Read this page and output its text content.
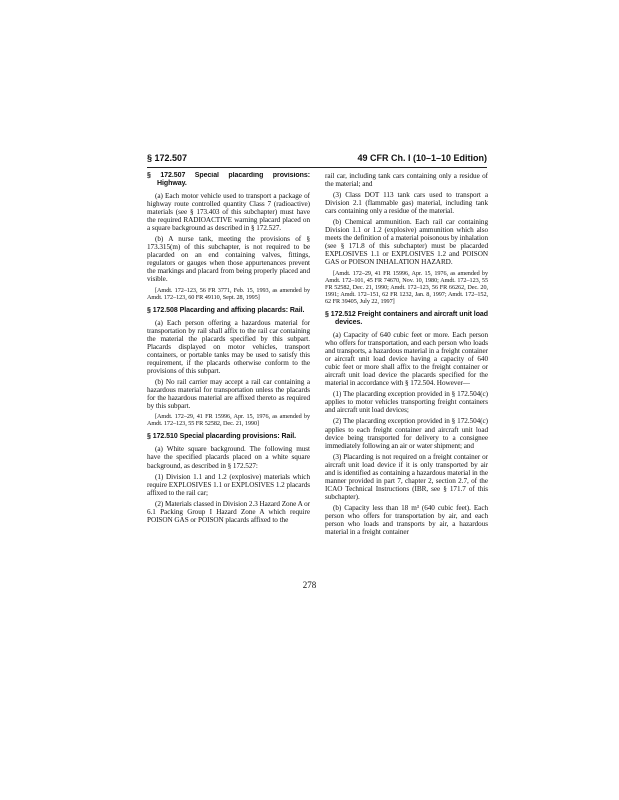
§ 172.507	49 CFR Ch. I (10–1–10 Edition)

§ 172.507 Special placarding provisions: Highway.

(a) Each motor vehicle used to transport a package of highway route controlled quantity Class 7 (radioactive) materials (see § 173.403 of this subchapter) must have the required RADIOACTIVE warning placard placed on a square background as described in § 172.527.

(b) A nurse tank, meeting the provisions of § 173.315(m) of this subchapter, is not required to be placarded on an end containing valves, fittings, regulators or gauges when those appurtenances prevent the markings and placard from being properly placed and visible.

[Amdt. 172–123, 56 FR 3771, Feb. 15, 1993, as amended by Amdt. 172–123, 60 FR 49110, Sept. 28, 1995]

§ 172.508 Placarding and affixing placards: Rail.

(a) Each person offering a hazardous material for transportation by rail shall affix to the rail car containing the material the placards specified by this subpart. Placards displayed on motor vehicles, transport containers, or portable tanks may be used to satisfy this requirement, if the placards otherwise conform to the provisions of this subpart.

(b) No rail carrier may accept a rail car containing a hazardous material for transportation unless the placards for the hazardous material are affixed thereto as required by this subpart.

[Amdt. 172–29, 41 FR 15996, Apr. 15, 1976, as amended by Amdt. 172–123, 55 FR 52582, Dec. 21, 1990]

§ 172.510 Special placarding provisions: Rail.

(a) White square background. The following must have the specified placards placed on a white square background, as described in § 172.527:

(1) Division 1.1 and 1.2 (explosive) materials which require EXPLOSIVES 1.1 or EXPLOSIVES 1.2 placards affixed to the rail car;

(2) Materials classed in Division 2.3 Hazard Zone A or 6.1 Packing Group I Hazard Zone A which require POISON GAS or POISON placards affixed to the

rail car, including tank cars containing only a residue of the material; and

(3) Class DOT 113 tank cars used to transport a Division 2.1 (flammable gas) material, including tank cars containing only a residue of the material.

(b) Chemical ammunition. Each rail car containing Division 1.1 or 1.2 (explosive) ammunition which also meets the definition of a material poisonous by inhalation (see § 171.8 of this subchapter) must be placarded EXPLOSIVES 1.1 or EXPLOSIVES 1.2 and POISON GAS or POISON INHALATION HAZARD.

[Amdt. 172–29, 41 FR 15996, Apr. 15, 1976, as amended by Amdt. 172–101, 45 FR 74670, Nov. 10, 1980; Amdt. 172–123, 55 FR 52582, Dec. 21, 1990; Amdt. 172–123, 56 FR 66262, Dec. 20, 1991; Amdt. 172–151, 62 FR 1232, Jan. 8, 1997; Amdt. 172–152, 62 FR 39405, July 22, 1997]

§ 172.512 Freight containers and aircraft unit load devices.

(a) Capacity of 640 cubic feet or more. Each person who offers for transportation, and each person who loads and transports, a hazardous material in a freight container or aircraft unit load device having a capacity of 640 cubic feet or more shall affix to the freight container or aircraft unit load device the placards specified for the material in accordance with § 172.504. However—

(1) The placarding exception provided in § 172.504(c) applies to motor vehicles transporting freight containers and aircraft unit load devices;

(2) The placarding exception provided in § 172.504(c) applies to each freight container and aircraft unit load device being transported for delivery to a consignee immediately following an air or water shipment; and

(3) Placarding is not required on a freight container or aircraft unit load device if it is only transported by air and is identified as containing a hazardous material in the manner provided in part 7, chapter 2, section 2.7, of the ICAO Technical Instructions (IBR, see § 171.7 of this subchapter).

(b) Capacity less than 18 m³ (640 cubic feet). Each person who offers for transportation by air, and each person who loads and transports by air, a hazardous material in a freight container

278
